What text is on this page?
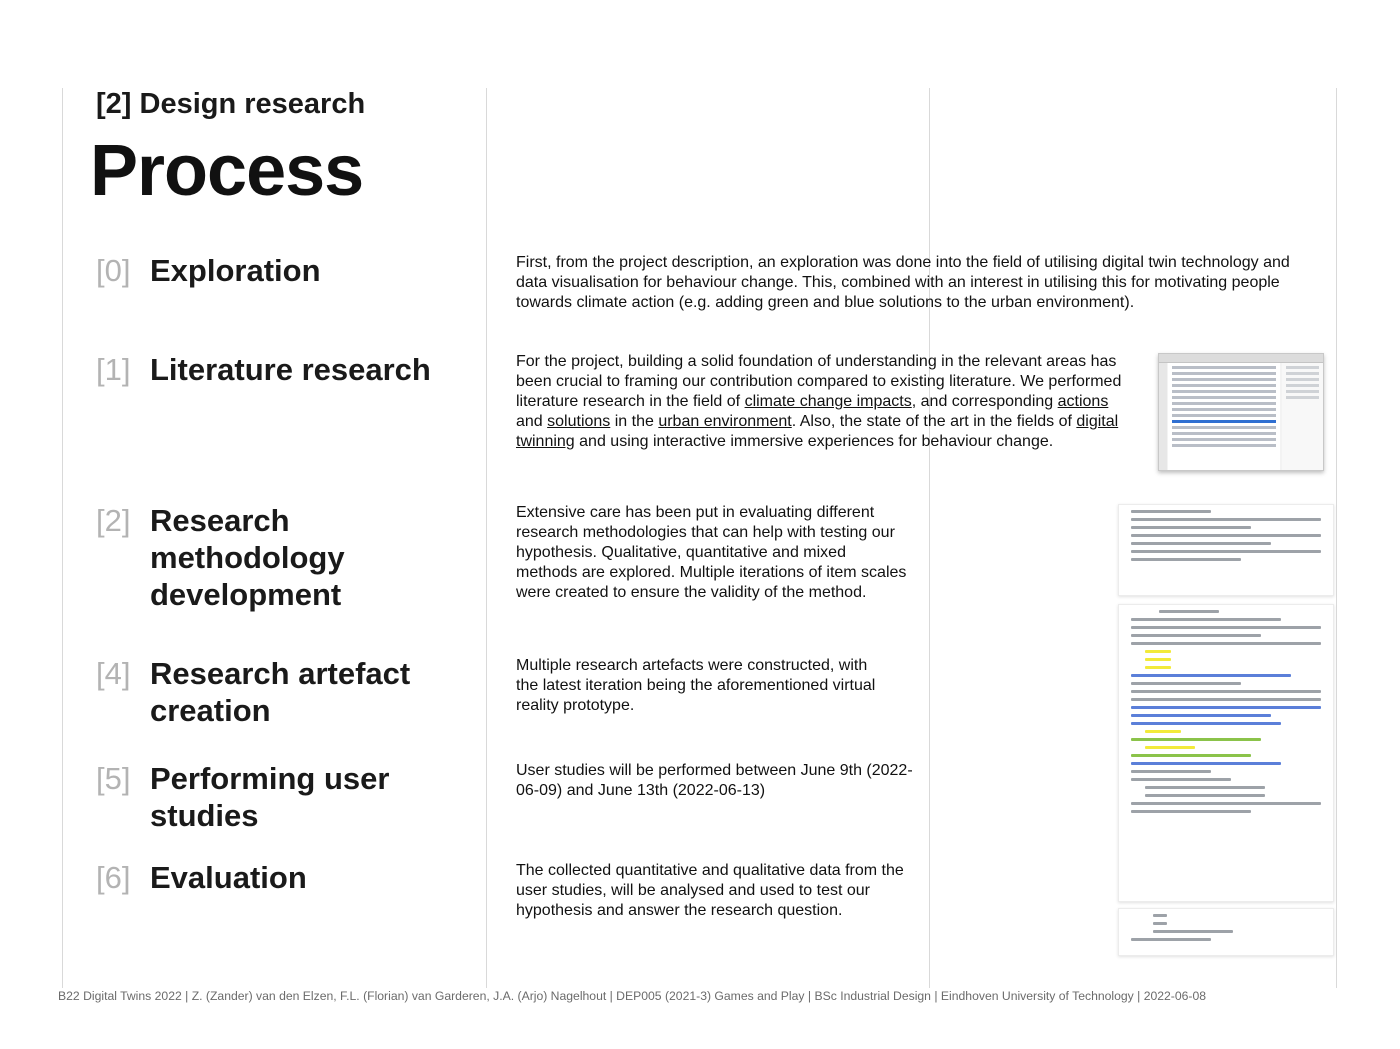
[2] Design research
Process
[0] Exploration
[1] Literature research
[2] Research methodology development
[4] Research artefact creation
[5] Performing user studies
[6] Evaluation
First, from the project description, an exploration was done into the field of utilising digital twin technology and data visualisation for behaviour change. This, combined with an interest in utilising this for motivating people towards climate action (e.g. adding green and blue solutions to the urban environment).
For the project, building a solid foundation of understanding in the relevant areas has been crucial to framing our contribution compared to existing literature. We performed literature research in the field of climate change impacts, and corresponding actions and solutions in the urban environment. Also, the state of the art in the fields of digital twinning and using interactive immersive experiences for behaviour change.
Extensive care has been put in evaluating different research methodologies that can help with testing our hypothesis. Qualitative, quantitative and mixed methods are explored. Multiple iterations of item scales were created to ensure the validity of the method.
Multiple research artefacts were constructed, with the latest iteration being the aforementioned virtual reality prototype.
User studies will be performed between June 9th (2022-06-09) and June 13th (2022-06-13)
The collected quantitative and qualitative data from the user studies, will be analysed and used to test our hypothesis and answer the research question.
B22 Digital Twins 2022 | Z. (Zander) van den Elzen, F.L. (Florian) van Garderen, J.A. (Arjo) Nagelhout | DEP005 (2021-3) Games and Play | BSc Industrial Design | Eindhoven University of Technology | 2022-06-08
